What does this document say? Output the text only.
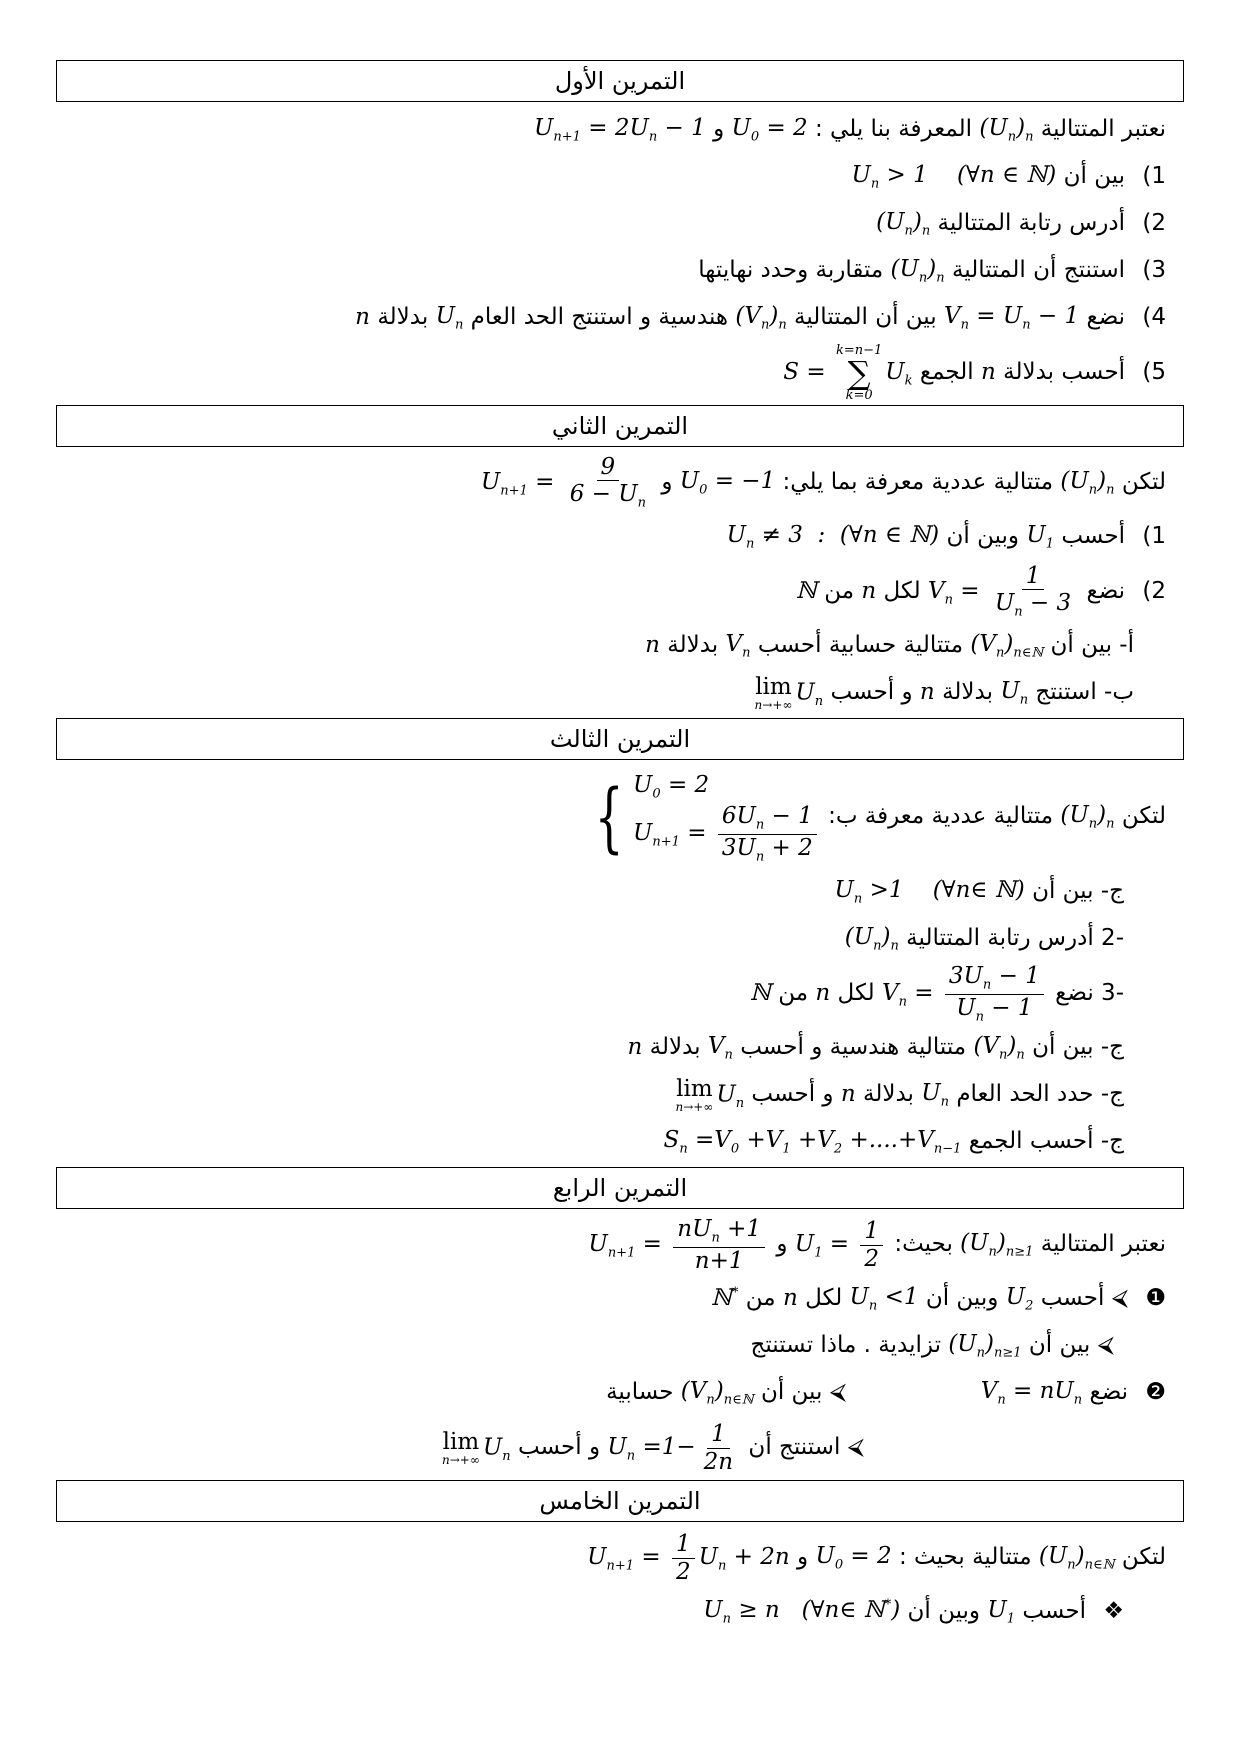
التمرين الأول
نعتبر المتتالية $(U_n)_n$ المعرفة بنا يلي : $U_0 = 2$ و $U_{n+1} = 2U_n - 1$
1) بين أن $U_n > 1$    (∀n ∈ ℕ)
2) أدرس رتابة المتتالية $(U_n)_n$
3) استنتج أن المتتالية $(U_n)_n$ متقاربة وحدد نهايتها
4) نضع $V_n = U_n - 1$ بين أن المتتالية $(V_n)_n$ هندسية و استنتج الحد العام $U_n$ بدلالة n
5) أحسب بدلالة n الجمع S =
k=n−1
∑
k=0
$U_k$
التمرين الثاني
لتكن $(U_n)_n$ متتالية عددية معرفة بما يلي: $U_0 = -1$ و $U_{n+1} = \frac{9}{6 - U_n}$
1) أحسب $U_1$ وبين أن $U_n \ne 3$  :  (∀n ∈ ℕ)
2) نضع $V_n = \frac{1}{U_n - 3}$
لكل n من ℕ
أ- بين أن $(V_n)_{n\in ℕ}$ متتالية حسابية أحسب $V_n$ بدلالة n
ب- استنتج $U_n$ بدلالة n و أحسب
lim
n→+∞ $U_n$
التمرين الثالث
لتكن $(U_n)_n$ متتالية عددية معرفة ب: { $U_0 = 2$
$U_{n+1} = \frac{6U_n - 1}{3U_n + 2}$
ج- بين أن $U_n >1$    (∀n∈ ℕ)
-2 أدرس رتابة المتتالية $(U_n)_n$
-3 نضع $V_n = \frac{3U_n - 1}{U_n - 1}$
لكل n من ℕ
ج- بين أن $(V_n)_n$ متتالية هندسية و أحسب $V_n$ بدلالة n
ج- حدد الحد العام $U_n$ بدلالة n و أحسب
lim
n→+∞ $U_n$
ج- أحسب الجمع $S_n =V_0 +V_1 +V_2 +....+V_{n-1}$
التمرين الرابع
نعتبر المتتالية $(U_n)_{n\ge 1}$ بحيث: $U_1 = \frac{1}{2}$
و $U_{n+1} = \frac{nU_n +1}{n+1}$
❶ ⮘ أحسب $U_2$ وبين أن $U_n <1$ لكل n من ℕ*
⮘ بين أن $(U_n)_{n\ge 1}$ تزايدية . ماذا تستنتج
❷ نضع $V_n = nU_n$  ⮘ بين أن $(V_n)_{n\in ℕ}$ حسابية
⮘ استنتج أن $U_n =1- \frac{1}{2n}$
و أحسب
lim
n→+∞ $U_n$
التمرين الخامس
لتكن $(U_n)_{n\in ℕ}$ متتالية بحيث : $U_0 = 2$ و $U_{n+1} = \frac{1}{2} U_n + 2n$
❖ أحسب $U_1$ وبين أن $U_n \ge n$   (∀n∈ ℕ*)
